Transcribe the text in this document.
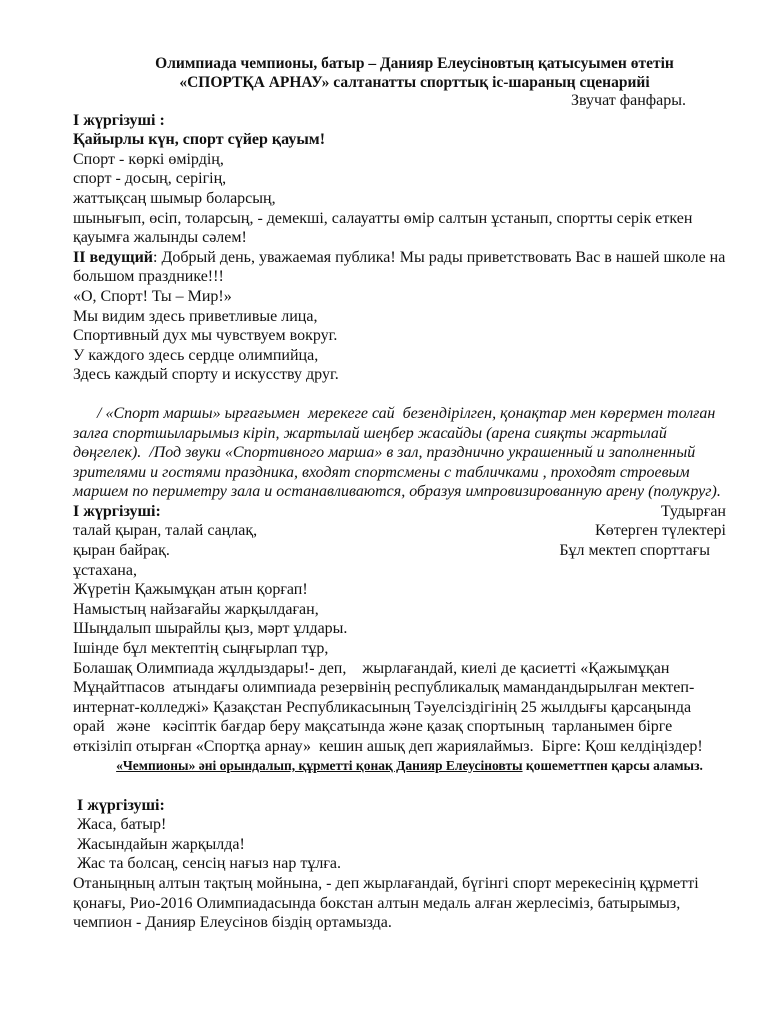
Олимпиада чемпионы, батыр – Данияр Елеусіновтың қатысуымен өтетін
«СПОРТҚА АРНАУ» салтанатты спорттық іс-шараның сценарийі
Звучат фанфары.

I жүргізуші :

Қайырлы күн, спорт сүйер қауым!

Спорт - көркі өмірдің,

спорт - досың, серігің,

жаттықсаң шымыр боларсың,

шынығып, өсіп, толарсың, - демекші, салауатты өмір салтын ұстанып, спортты серік еткен қауымға жалынды сәлем!

II ведущий: Добрый день, уважаемая публика! Мы рады приветствовать Вас в нашей школе на большом празднике!!!

«О, Спорт! Ты – Мир!»

Мы видим здесь приветливые лица,

Спортивный дух мы чувствуем вокруг.

У каждого здесь сердце олимпийца,

Здесь каждый спорту и искусству друг.

/ «Спорт маршы» ырғағымен  мерекеге сай  безендірілген, қонақтар мен көрермен толған   залға спортшыларымыз кіріп, жартылай шеңбер жасайды (арена сияқты жартылай дөңгелек).  /Под звуки «Спортивного марша» в зал, празднично украшенный и заполненный зрителями и гостями праздника, входят спортсмены с табличками , проходят строевым маршем по периметру зала и останавливаются, образуя импровизированную арену (полукруг).

I жүргізуші:	Тудырған
талай қыран, талай саңлақ,	Көтерген түлектері
қыран байрақ.	Бұл мектеп спорттағы

ұстахана,

Жүретін Қажымұқан атын қорғап!

Намыстың найзағайы жарқылдаған,

Шыңдалып шырайлы қыз, мәрт ұлдары.

Ішінде бұл мектептің сыңғырлап тұр,

Болашақ Олимпиада жұлдыздары!- деп,    жырлағандай, киелі де қасиетті «Қажымұқан Мұңайтпасов  атындағы олимпиада резервінің республикалық мамандандырылған мектеп-интернат-колледжі» Қазақстан Республикасының Тәуелсіздігінің 25 жылдығы қарсаңында орай   және   кәсіптік бағдар беру мақсатында және қазақ спортының  тарланымен бірге  өткізіліп отырған «Спортқа арнау»  кешин ашық деп жариялаймыз.  Бірге: Қош келдіңіздер!

«Чемпионы» әні орындалып, құрметті қонақ Данияр Елеусіновты қошеметтпен қарсы аламыз.

I жүргізуші:

Жаса, батыр!

Жасындайын жарқылда!

Жас та болсаң, сенсің нағыз нар тұлға.

Отаныңның алтын тақтың мойнына, - деп жырлағандай, бүгінгі спорт мерекесінің құрметті қонағы, Рио-2016 Олимпиадасында бокстан алтын медаль алған жерлесіміз, батырымыз, чемпион - Данияр Елеусінов біздің ортамызда.
